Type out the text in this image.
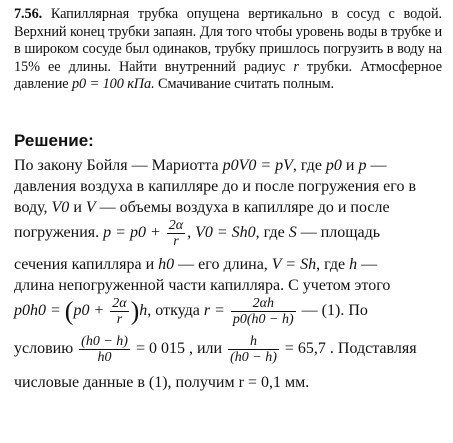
7.56. Капиллярная трубка опущена вертикально в сосуд с водой. Верхний конец трубки запаян. Для того чтобы уровень воды в трубке и в широком сосуде был одинаков, трубку пришлось погрузить в воду на 15% ее длины. Найти внутренний радиус r трубки. Атмосферное давление p0 = 100 кПа. Смачивание считать полным.

Решение:
По закону Бойля — Мариотта p0V0 = pV, где p0 и p —
давления воздуха в капилляре до и после погружения его в
воду, V0 и V — объемы воздуха в капилляре до и после
погружения. $p = p0 + \frac{2\alpha}{r}$ , V0 = Sh0, где S — площадь
сечения капилляра и h0 — его длина, V = Sh, где h —
длина непогруженной части капилляра. С учетом этого
$p0h0 = (p0 + \frac{2\alpha}{r} )h$, откуда $r = \frac{2\alpha h}{p0(h0 - h)}$ — (1). По
условию $\frac{(h0 - h)}{h0} = 0$ 015 , или $\frac{h}{(h0 - h)} = 65,7$ . Подставляя
числовые данные в (1), получим r = 0,1 мм.
